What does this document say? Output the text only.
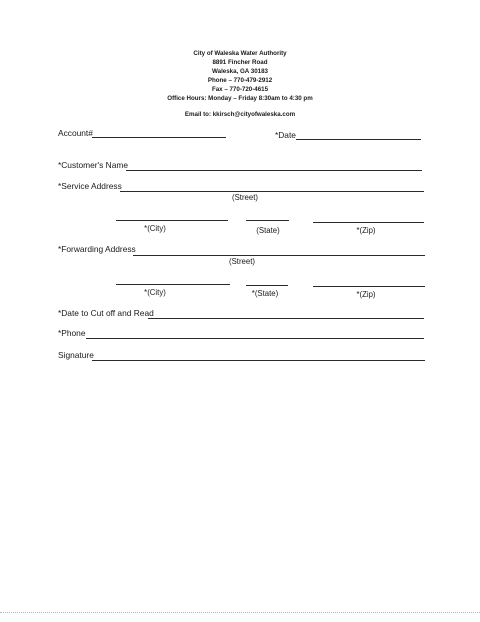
City of Waleska Water Authority
8891 Fincher Road
Waleska, GA 30183
Phone – 770-479-2912
Fax – 770-720-4615
Office Hours: Monday – Friday 8:30am to 4:30 pm
Email to: kkirsch@cityofwaleska.com
Account#	*Date
*Customer's Name
*Service Address
(Street)
*(City)	(State)	*(Zip)
*Forwarding Address
(Street)
*(City)	*(State)	*(Zip)
*Date to Cut off and Read
*Phone
Signature
